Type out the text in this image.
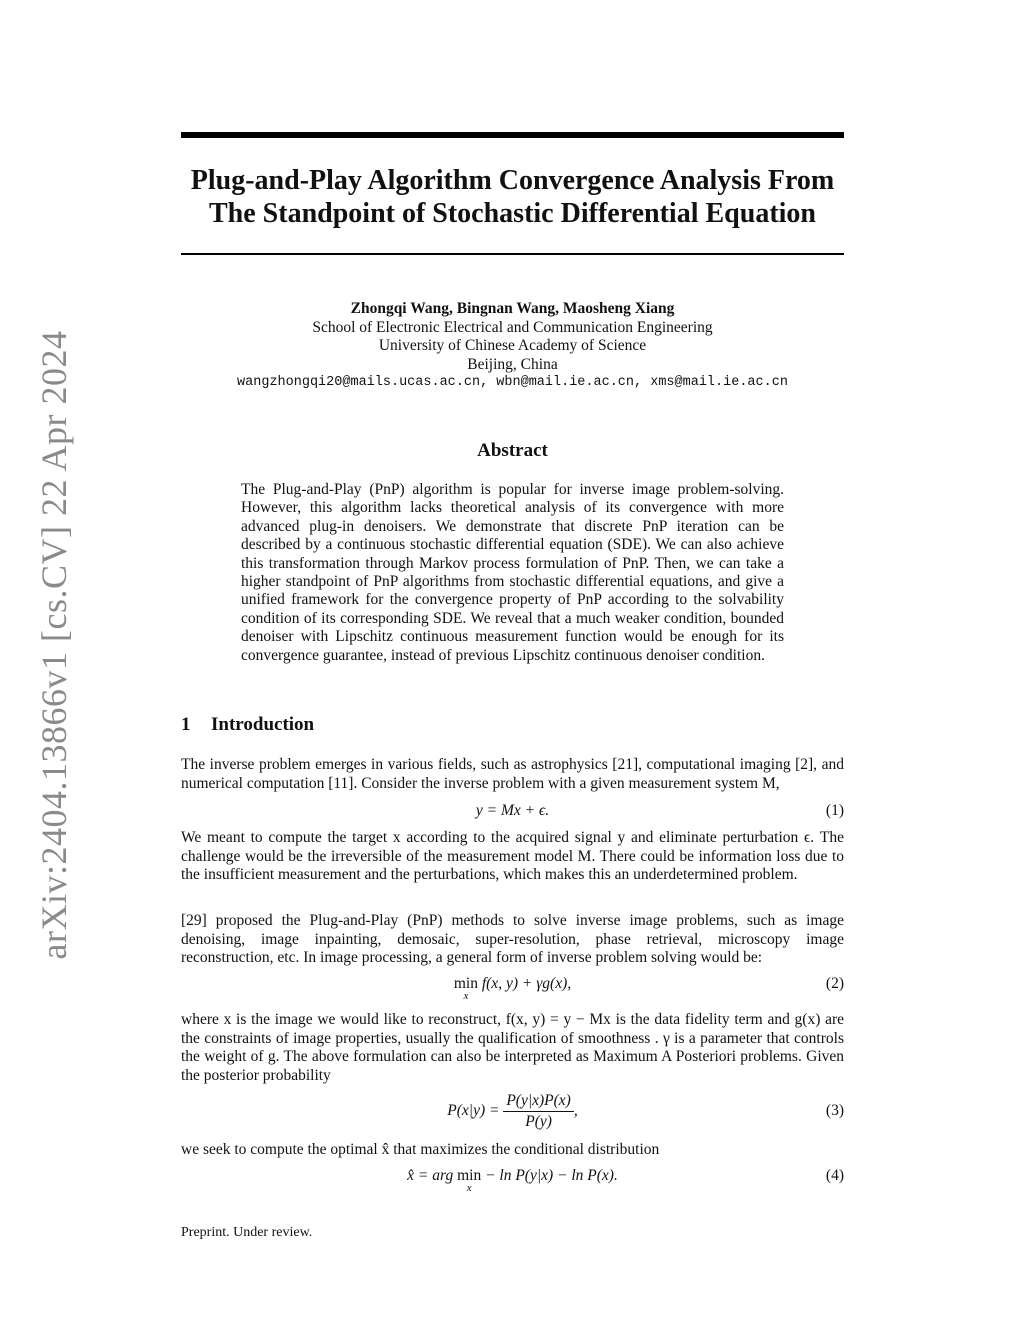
arXiv:2404.13866v1 [cs.CV] 22 Apr 2024
Plug-and-Play Algorithm Convergence Analysis From
The Standpoint of Stochastic Differential Equation
Zhongqi Wang, Bingnan Wang, Maosheng Xiang
School of Electronic Electrical and Communication Engineering
University of Chinese Academy of Science
Beijing, China
wangzhongqi20@mails.ucas.ac.cn, wbn@mail.ie.ac.cn, xms@mail.ie.ac.cn
Abstract

The Plug-and-Play (PnP) algorithm is popular for inverse image problem-solving. However, this algorithm lacks theoretical analysis of its convergence with more advanced plug-in denoisers. We demonstrate that discrete PnP iteration can be described by a continuous stochastic differential equation (SDE). We can also achieve this transformation through Markov process formulation of PnP. Then, we can take a higher standpoint of PnP algorithms from stochastic differential equations, and give a unified framework for the convergence property of PnP according to the solvability condition of its corresponding SDE. We reveal that a much weaker condition, bounded denoiser with Lipschitz continuous measurement function would be enough for its convergence guarantee, instead of previous Lipschitz continuous denoiser condition.

1 Introduction

The inverse problem emerges in various fields, such as astrophysics [21], computational imaging [2], and numerical computation [11]. Consider the inverse problem with a given measurement system M,

y = Mx + ϵ.	(1)

We meant to compute the target x according to the acquired signal y and eliminate perturbation ϵ. The challenge would be the irreversible of the measurement model M. There could be information loss due to the insufficient measurement and the perturbations, which makes this an underdetermined problem.

[29] proposed the Plug-and-Play (PnP) methods to solve inverse image problems, such as image denoising, image inpainting, demosaic, super-resolution, phase retrieval, microscopy image reconstruction, etc. In image processing, a general form of inverse problem solving would be:

min
x
f(x, y) + γg(x),	(2)

where x is the image we would like to reconstruct, f(x, y) = y − Mx is the data fidelity term and g(x) are the constraints of image properties, usually the qualification of smoothness . γ is a parameter that controls the weight of g. The above formulation can also be interpreted as Maximum A Posteriori problems. Given the posterior probability

$P(x|y) = \frac{P(y|x)P(x)}{P(y)}$ ,	(3)

we seek to compute the optimal x̂ that maximizes the conditional distribution

x̂ = arg min
x
− ln P(y|x) − ln P(x).	(4)

Preprint. Under review.
